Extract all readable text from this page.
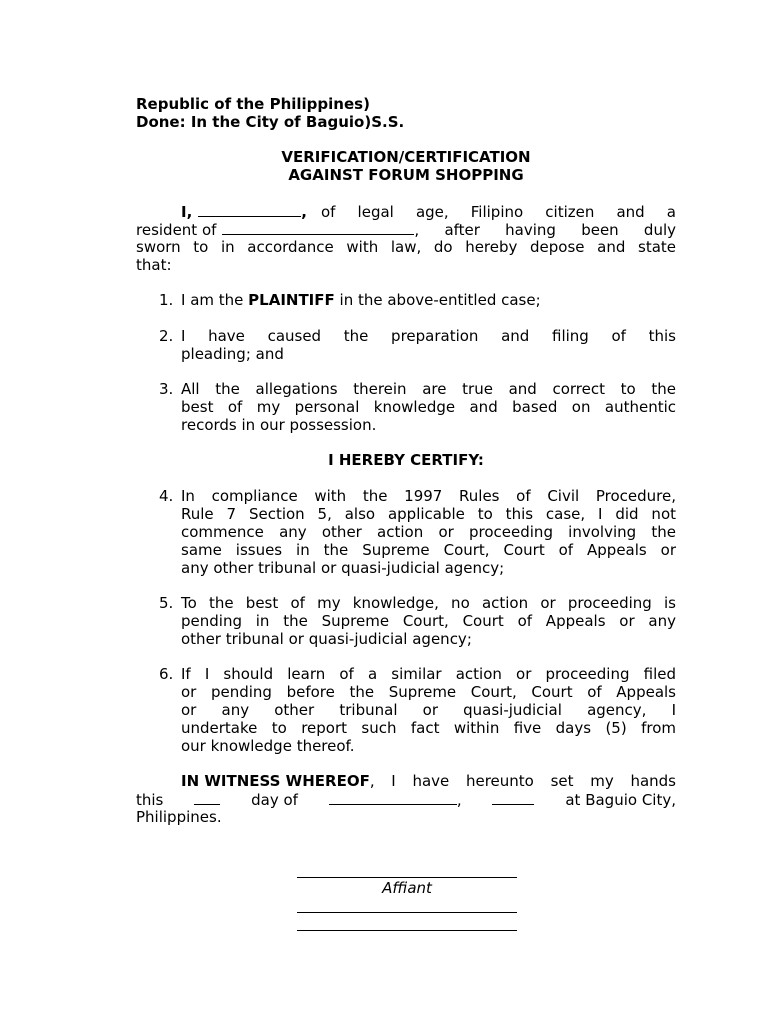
Republic of the Philippines)
Done: In the City of Baguio)S.S.
VERIFICATION/CERTIFICATION
AGAINST FORUM SHOPPING
I,	, of legal age, Filipino citizen and a
resident of	, after having been duly
sworn to in accordance with law, do hereby depose and state
that:
1. I am the PLAINTIFF in the above-entitled case;
2. I have caused the preparation and filing of this
pleading; and
3. All the allegations therein are true and correct to the
best of my personal knowledge and based on authentic
records in our possession.
I HEREBY CERTIFY:
4. In compliance with the 1997 Rules of Civil Procedure,
Rule 7 Section 5, also applicable to this case, I did not
commence any other action or proceeding involving the
same issues in the Supreme Court, Court of Appeals or
any other tribunal or quasi-judicial agency;
5. To the best of my knowledge, no action or proceeding is
pending in the Supreme Court, Court of Appeals or any
other tribunal or quasi-judicial agency;
6. If I should learn of a similar action or proceeding filed
or pending before the Supreme Court, Court of Appeals
or any other tribunal or quasi-judicial agency, I
undertake to report such fact within five days (5) from
our knowledge thereof.
IN WITNESS WHEREOF , I have hereunto set my hands
this	day of	,	at Baguio City,
Philippines.
Affiant
